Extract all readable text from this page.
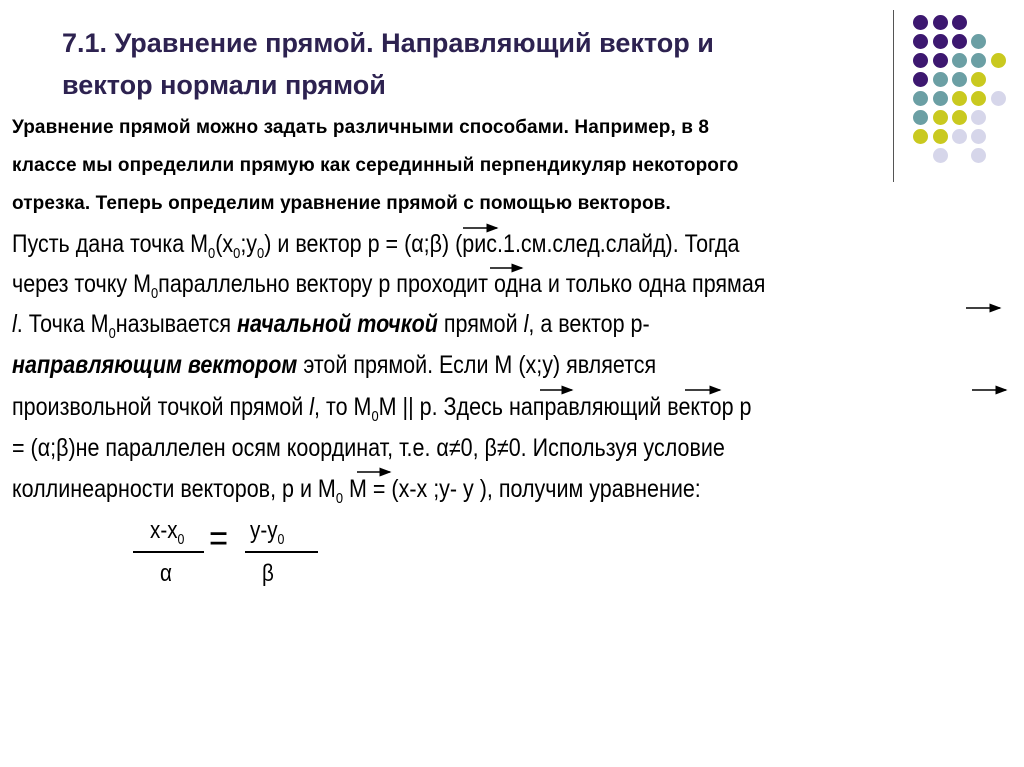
7.1. Уравнение прямой. Направляющий вектор и
вектор нормали прямой
Уравнение прямой можно задать различными способами. Например, в 8
классе мы определили прямую как серединный перпендикуляр некоторого
отрезка. Теперь определим уравнение прямой с помощью векторов.
Пусть дана точка $М_0(х_0;у_0)$ и вектор р = (α;β) (рис.1.см.след.слайд). Тогда
через точку $М_0параллельно$ вектору р проходит одна и только одна прямая
l. Точка $М_0называется$ начальной точкой прямой l, а вектор р-
направляющим вектором этой прямой. Если М (х;у) является
произвольной точкой прямой l, то $М_0М$ || р. Здесь направляющий вектор р
= (α;β)не параллелен осям координат, т.е. α≠0, β≠0. Используя условие
коллинеарности векторов, р и $М_0$ М = (х-х ;у- у ), получим уравнение:
$х-х_0$
α
= $у-у_0$
β
